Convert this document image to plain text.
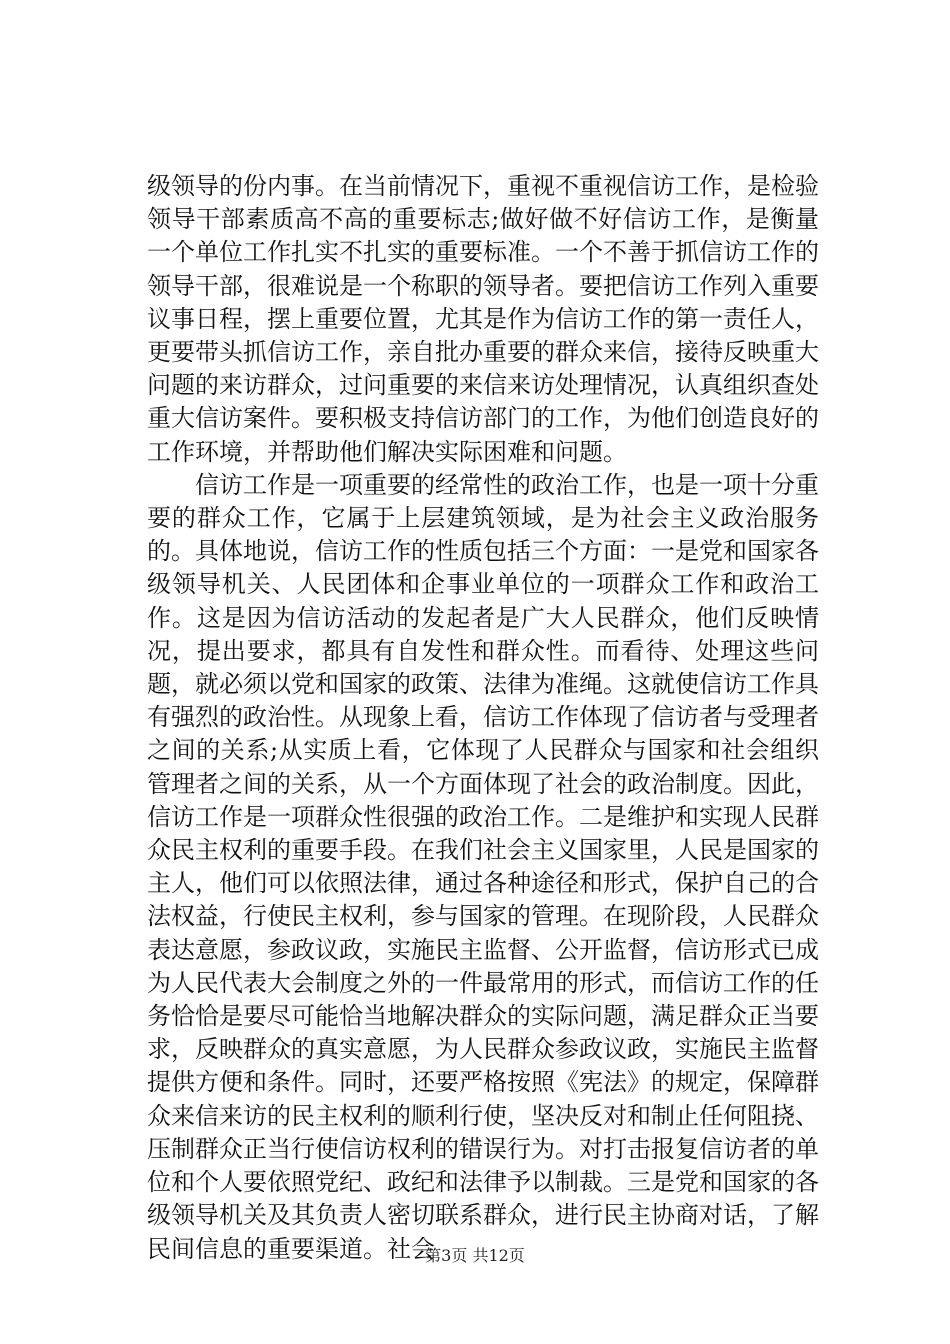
级领导的份内事。在当前情况下，重视不重视信访工作，是检验领导干部素质高不高的重要标志;做好做不好信访工作，是衡量一个单位工作扎实不扎实的重要标准。一个不善于抓信访工作的领导干部，很难说是一个称职的领导者。要把信访工作列入重要议事日程，摆上重要位置，尤其是作为信访工作的第一责任人，更要带头抓信访工作，亲自批办重要的群众来信，接待反映重大问题的来访群众，过问重要的来信来访处理情况，认真组织查处重大信访案件。要积极支持信访部门的工作，为他们创造良好的工作环境，并帮助他们解决实际困难和问题。

信访工作是一项重要的经常性的政治工作，也是一项十分重要的群众工作，它属于上层建筑领域，是为社会主义政治服务的。具体地说，信访工作的性质包括三个方面：一是党和国家各级领导机关、人民团体和企事业单位的一项群众工作和政治工作。这是因为信访活动的发起者是广大人民群众，他们反映情况，提出要求，都具有自发性和群众性。而看待、处理这些问题，就必须以党和国家的政策、法律为准绳。这就使信访工作具有强烈的政治性。从现象上看，信访工作体现了信访者与受理者之间的关系;从实质上看，它体现了人民群众与国家和社会组织管理者之间的关系，从一个方面体现了社会的政治制度。因此，信访工作是一项群众性很强的政治工作。二是维护和实现人民群众民主权利的重要手段。在我们社会主义国家里，人民是国家的主人，他们可以依照法律，通过各种途径和形式，保护自己的合法权益，行使民主权利，参与国家的管理。在现阶段，人民群众表达意愿，参政议政，实施民主监督、公开监督，信访形式已成为人民代表大会制度之外的一件最常用的形式，而信访工作的任务恰恰是要尽可能恰当地解决群众的实际问题，满足群众正当要求，反映群众的真实意愿，为人民群众参政议政，实施民主监督提供方便和条件。同时，还要严格按照《宪法》的规定，保障群众来信来访的民主权利的顺利行使，坚决反对和制止任何阻挠、压制群众正当行使信访权利的错误行为。对打击报复信访者的单位和个人要依照党纪、政纪和法律予以制裁。三是党和国家的各级领导机关及其负责人密切联系群众，进行民主协商对话，了解民间信息的重要渠道。社会

第3页 共12页
